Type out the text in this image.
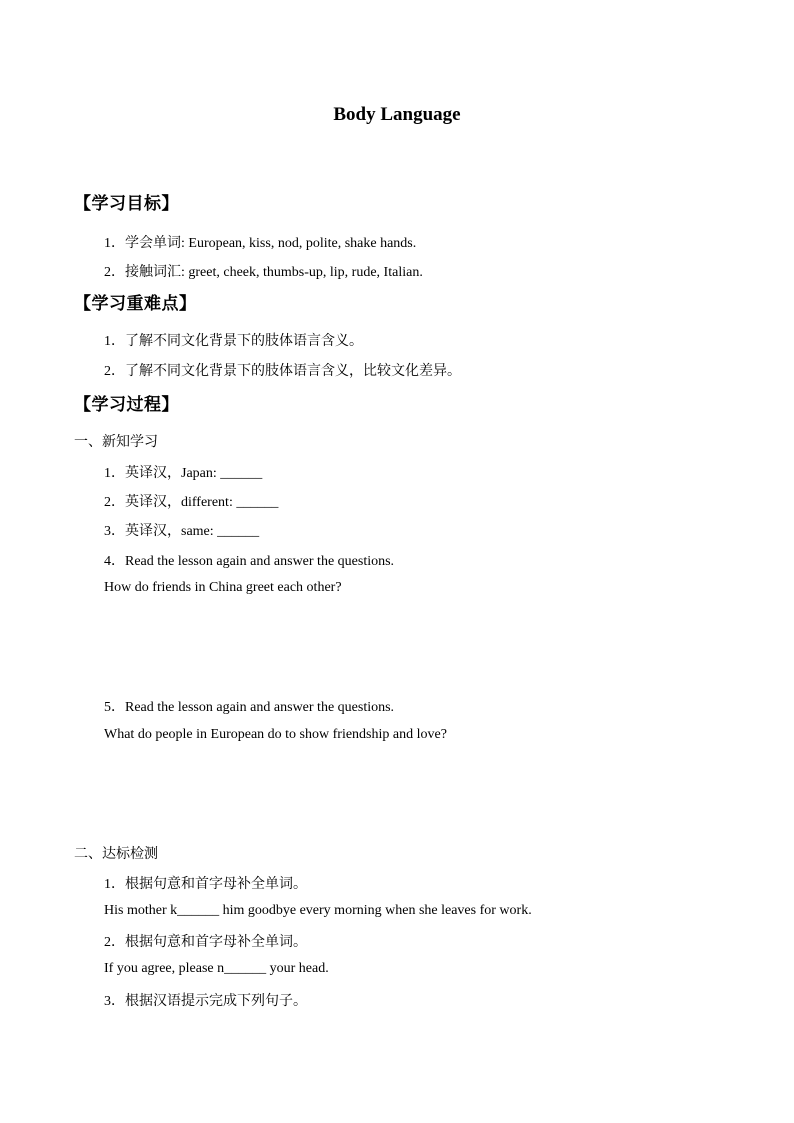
Body Language
【学习目标】
1．学会单词: European, kiss, nod, polite, shake hands.
2．接触词汇: greet, cheek, thumbs-up, lip, rude, Italian.
【学习重难点】
1．了解不同文化背景下的肢体语言含义。
2．了解不同文化背景下的肢体语言含义，比较文化差异。
【学习过程】
一、新知学习
1．英译汉，Japan: ______
2．英译汉，different: ______
3．英译汉，same: ______
4．Read the lesson again and answer the questions.
How do friends in China greet each other?
5．Read the lesson again and answer the questions.
What do people in European do to show friendship and love?
二、达标检测
1．根据句意和首字母补全单词。
His mother k______ him goodbye every morning when she leaves for work.
2．根据句意和首字母补全单词。
If you agree, please n______ your head.
3．根据汉语提示完成下列句子。
